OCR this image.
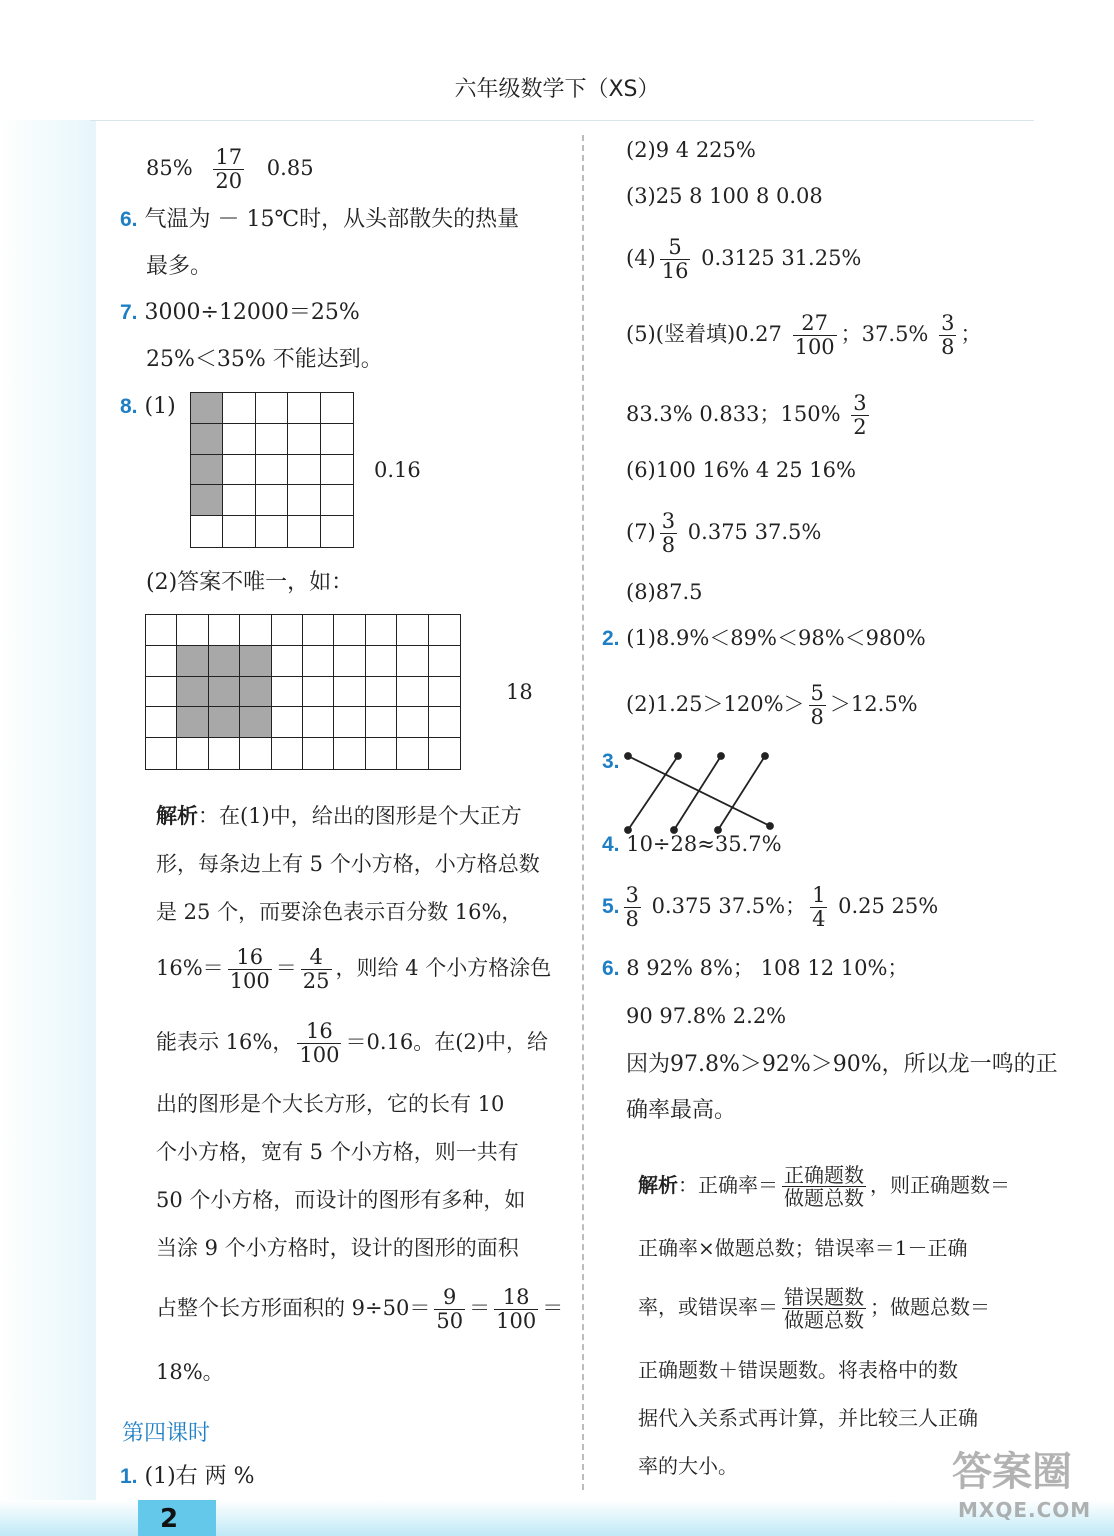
六年级数学下（XS）
$85\% \frac{17}{20} 0.85$
6. 气温为 － 15℃时，从头部散失的热量
最多。
7. 3000÷12000＝25%
25%＜35% 不能达到。
8. (1)
0.16
(2)答案不唯一，如：
18
解析：在(1)中，给出的图形是个大正方
形，每条边上有 5 个小方格，小方格总数
是 25 个，而要涂色表示百分数 16%，
$16\%= \frac{16}{100} = \frac{4}{25}$ ，则给 4 个小方格涂色
能表示 16%， $\frac{16}{100} =0.16$。在(2)中，给
出的图形是个大长方形，它的长有 10
个小方格，宽有 5 个小方格，则一共有
50 个小方格，而设计的图形有多种，如
当涂 9 个小方格时，设计的图形的面积
占整个长方形面积的 $9\div 50= \frac{9}{50} = \frac{18}{100}$ ＝
18%。
第四课时
1. (1)右 两 %
(2)9 4 225%
(3)25 8 100 8 0.08
$(4) \frac{5}{16} 0.3125$ 31.25%
(5)(竖着填)$0.27 \frac{27}{100}$ ；$37.5\% \frac{3}{8}$ ；
83.3% 0.833；$150\% \frac{3}{2}$
(6)100 16% 4 25 16%
$(7) \frac{3}{8} 0.375$ 37.5%
(8)87.5
2. (1)8.9%＜89%＜98%＜980%
$(2)1.25>120\%> \frac{5}{8} >12.5\%$
3.
4. 10÷28≈35.7%
5. $\frac{3}{8} 0.375$ 37.5%； $\frac{1}{4} 0.25$ 25%
6. 8 92% 8%； 108 12 10%；
90 97.8% 2.2%
因为97.8%＞92%＞90%，所以龙一鸣的正
确率最高。
解析：正确率＝ $\frac{\text{正确题数}}{\text{做题总数}}$ ，则正确题数＝
正确率×做题总数；错误率＝1－正确
率，或错误率＝ $\frac{\text{错误题数}}{\text{做题总数}}$ ；做题总数＝
正确题数＋错误题数。将表格中的数
据代入关系式再计算，并比较三人正确
率的大小。
2
答案圈
MXQE.COM
